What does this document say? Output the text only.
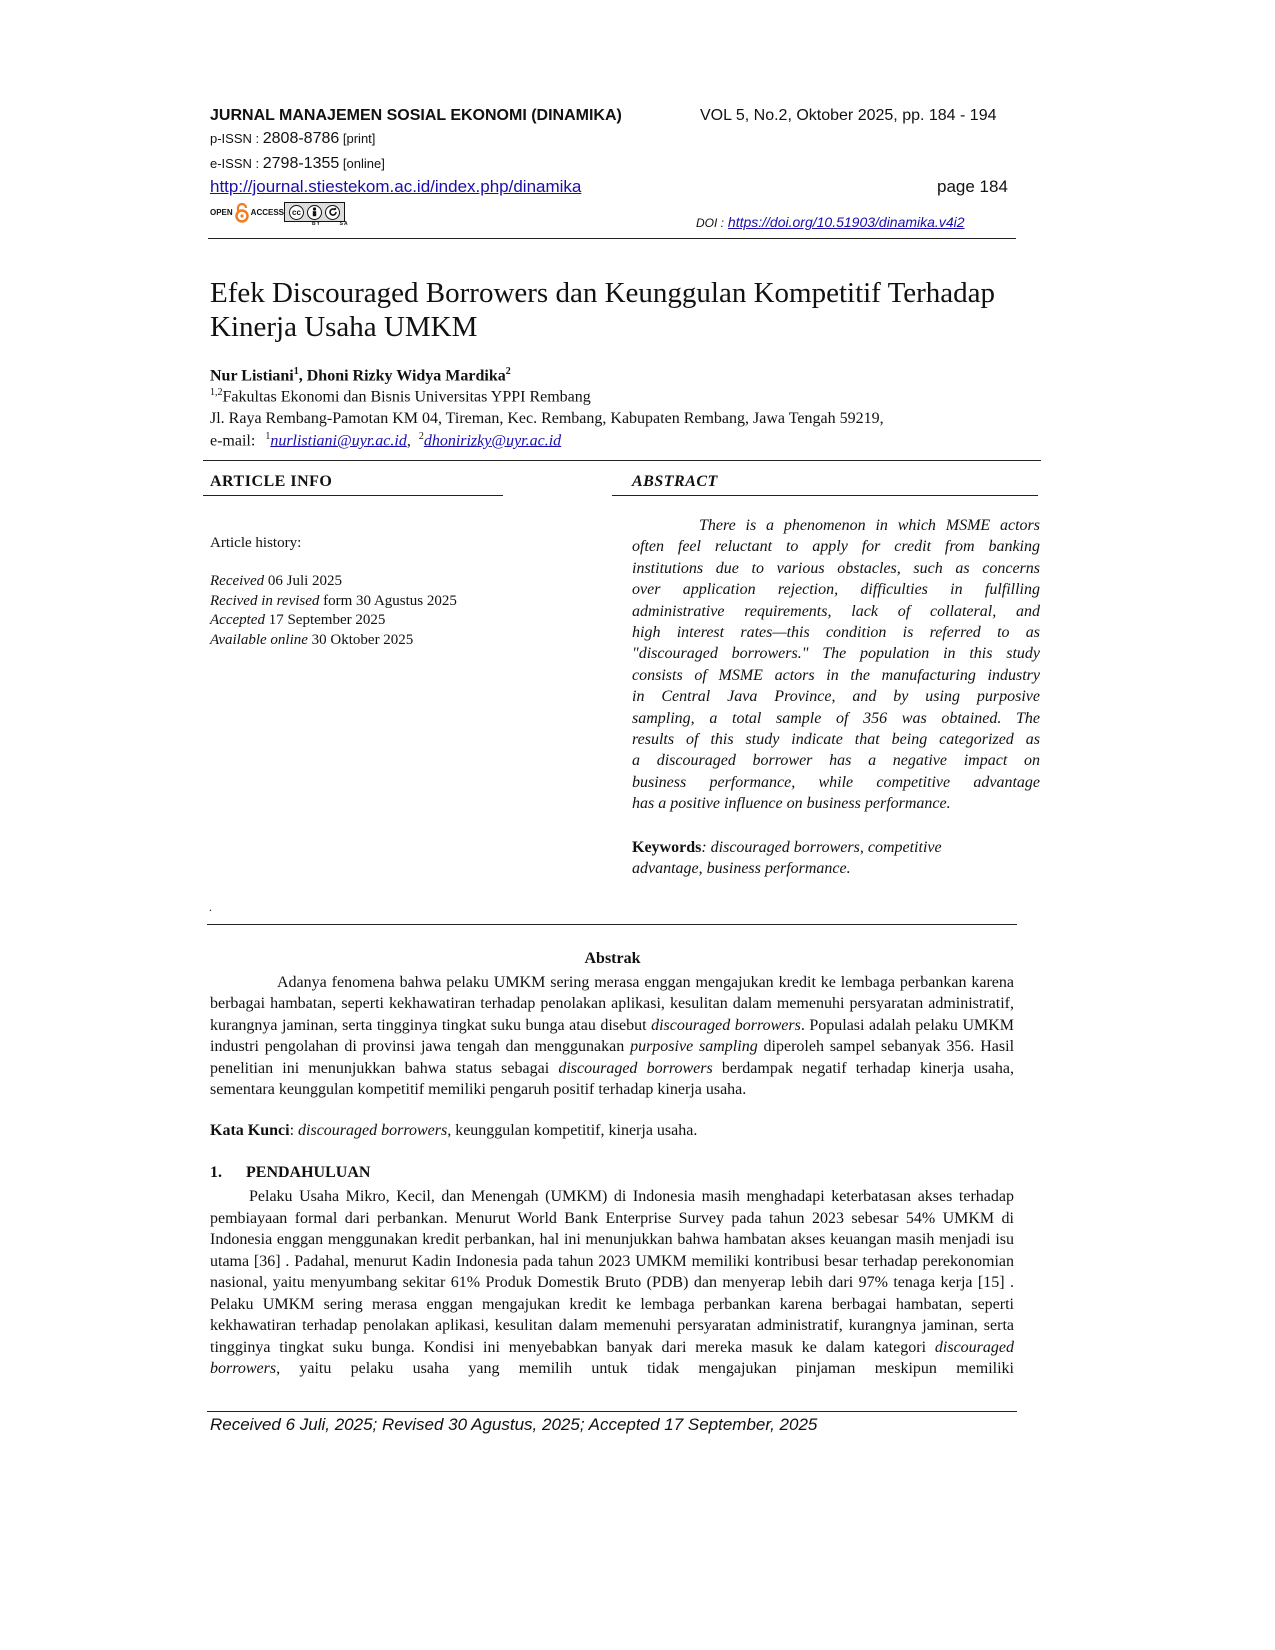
JURNAL MANAJEMEN SOSIAL EKONOMI (DINAMIKA)	VOL 5, No.2, Oktober 2025, pp. 184 - 194
p-ISSN : 2808-8786 [print]
e-ISSN : 2798-1355 [online]
http://journal.stiestekom.ac.id/index.php/dinamika	page 184
OPEN ACCESS	cc
BY	SA	DOI : https://doi.org/10.51903/dinamika.v4i2
Efek Discouraged Borrowers dan Keunggulan Kompetitif Terhadap
Kinerja Usaha UMKM
Nur Listiani$^1$, Dhoni Rizky Widya Mardika$^2$
$^{1,2}$Fakultas Ekonomi dan Bisnis Universitas YPPI Rembang
Jl. Raya Rembang-Pamotan KM 04, Tireman, Kec. Rembang, Kabupaten Rembang, Jawa Tengah 59219,
e-mail: $^1$nurlistiani@uyr.ac.id, $^2$dhonirizky@uyr.ac.id
ARTICLE INFO
Article history:
Received 06 Juli 2025
Recived in revised form 30 Agustus 2025
Accepted 17 September 2025
Available online 30 Oktober 2025
.
ABSTRACT
There is a phenomenon in which MSME actors
often feel reluctant to apply for credit from banking
institutions due to various obstacles, such as concerns
over application rejection, difficulties in fulfilling
administrative requirements, lack of collateral, and
high interest rates—this condition is referred to as
"discouraged borrowers." The population in this study
consists of MSME actors in the manufacturing industry
in Central Java Province, and by using purposive
sampling, a total sample of 356 was obtained. The
results of this study indicate that being categorized as
a discouraged borrower has a negative impact on
business performance, while competitive advantage
has a positive influence on business performance.
Keywords: discouraged borrowers, competitive
advantage, business performance.
Abstrak
Adanya fenomena bahwa pelaku UMKM sering merasa enggan mengajukan kredit ke lembaga perbankan karena berbagai hambatan, seperti kekhawatiran terhadap penolakan aplikasi, kesulitan dalam memenuhi persyaratan administratif, kurangnya jaminan, serta tingginya tingkat suku bunga atau disebut discouraged borrowers. Populasi adalah pelaku UMKM industri pengolahan di provinsi jawa tengah dan menggunakan purposive sampling diperoleh sampel sebanyak 356. Hasil penelitian ini menunjukkan bahwa status sebagai discouraged borrowers berdampak negatif terhadap kinerja usaha, sementara keunggulan kompetitif memiliki pengaruh positif terhadap kinerja usaha.
Kata Kunci: discouraged borrowers, keunggulan kompetitif, kinerja usaha.
1. PENDAHULUAN
Pelaku Usaha Mikro, Kecil, dan Menengah (UMKM) di Indonesia masih menghadapi keterbatasan akses terhadap pembiayaan formal dari perbankan. Menurut World Bank Enterprise Survey pada tahun 2023 sebesar 54% UMKM di Indonesia enggan menggunakan kredit perbankan, hal ini menunjukkan bahwa hambatan akses keuangan masih menjadi isu utama [36] . Padahal, menurut Kadin Indonesia pada tahun 2023 UMKM memiliki kontribusi besar terhadap perekonomian nasional, yaitu menyumbang sekitar 61% Produk Domestik Bruto (PDB) dan menyerap lebih dari 97% tenaga kerja [15] . Pelaku UMKM sering merasa enggan mengajukan kredit ke lembaga perbankan karena berbagai hambatan, seperti kekhawatiran terhadap penolakan aplikasi, kesulitan dalam memenuhi persyaratan administratif, kurangnya jaminan, serta tingginya tingkat suku bunga. Kondisi ini menyebabkan banyak dari mereka masuk ke dalam kategori discouraged borrowers, yaitu pelaku usaha yang memilih untuk tidak mengajukan pinjaman meskipun memiliki
Received 6 Juli, 2025; Revised 30 Agustus, 2025; Accepted 17 September, 2025
